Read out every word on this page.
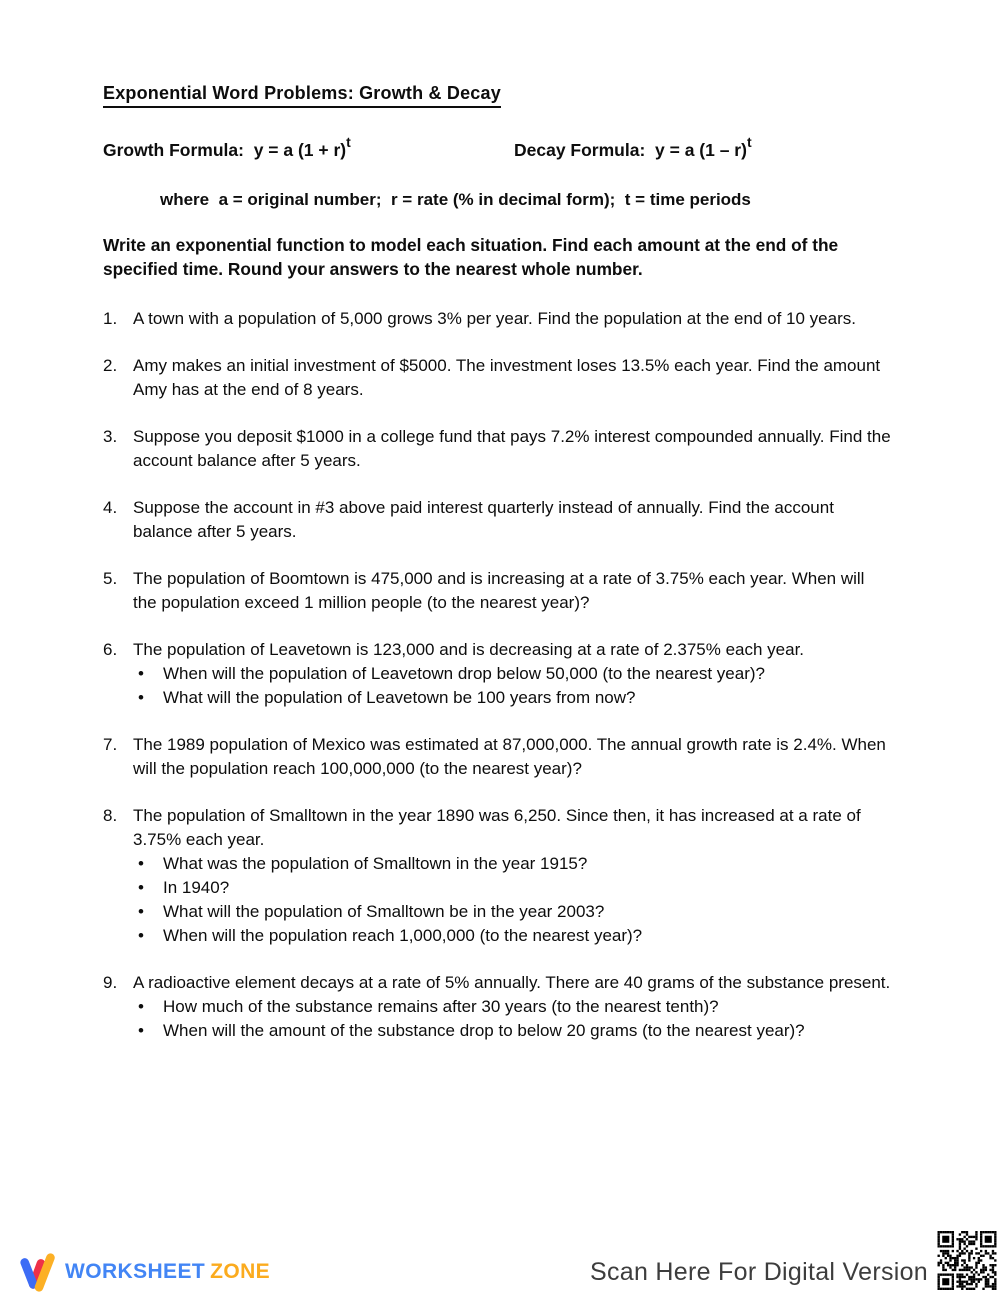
Exponential Word Problems: Growth & Decay
Growth Formula:  y = a $(1 + r)^t$	Decay Formula:  y = a (1 – r)$^t$
where  a = original number;  r = rate (% in decimal form);  t = time periods
Write an exponential function to model each situation. Find each amount at the end of the specified time. Round your answers to the nearest whole number.
1. A town with a population of 5,000 grows 3% per year. Find the population at the end of 10 years.
2. Amy makes an initial investment of $5000. The investment loses 13.5% each year. Find the amount Amy has at the end of 8 years.
3. Suppose you deposit $1000 in a college fund that pays 7.2% interest compounded annually. Find the account balance after 5 years.
4. Suppose the account in #3 above paid interest quarterly instead of annually. Find the account balance after 5 years.
5. The population of Boomtown is 475,000 and is increasing at a rate of 3.75% each year. When will the population exceed 1 million people (to the nearest year)?
6. The population of Leavetown is 123,000 and is decreasing at a rate of 2.375% each year.
•	When will the population of Leavetown drop below 50,000 (to the nearest year)?
•	What will the population of Leavetown be 100 years from now?
7. The 1989 population of Mexico was estimated at 87,000,000. The annual growth rate is 2.4%. When will the population reach 100,000,000 (to the nearest year)?
8. The population of Smalltown in the year 1890 was 6,250. Since then, it has increased at a rate of 3.75% each year.
•	What was the population of Smalltown in the year 1915?
•	In 1940?
•	What will the population of Smalltown be in the year 2003?
•	When will the population reach 1,000,000 (to the nearest year)?
9. A radioactive element decays at a rate of 5% annually. There are 40 grams of the substance present.
•	How much of the substance remains after 30 years (to the nearest tenth)?
•	When will the amount of the substance drop to below 20 grams (to the nearest year)?
WORKSHEET ZONE	Scan Here For Digital Version
